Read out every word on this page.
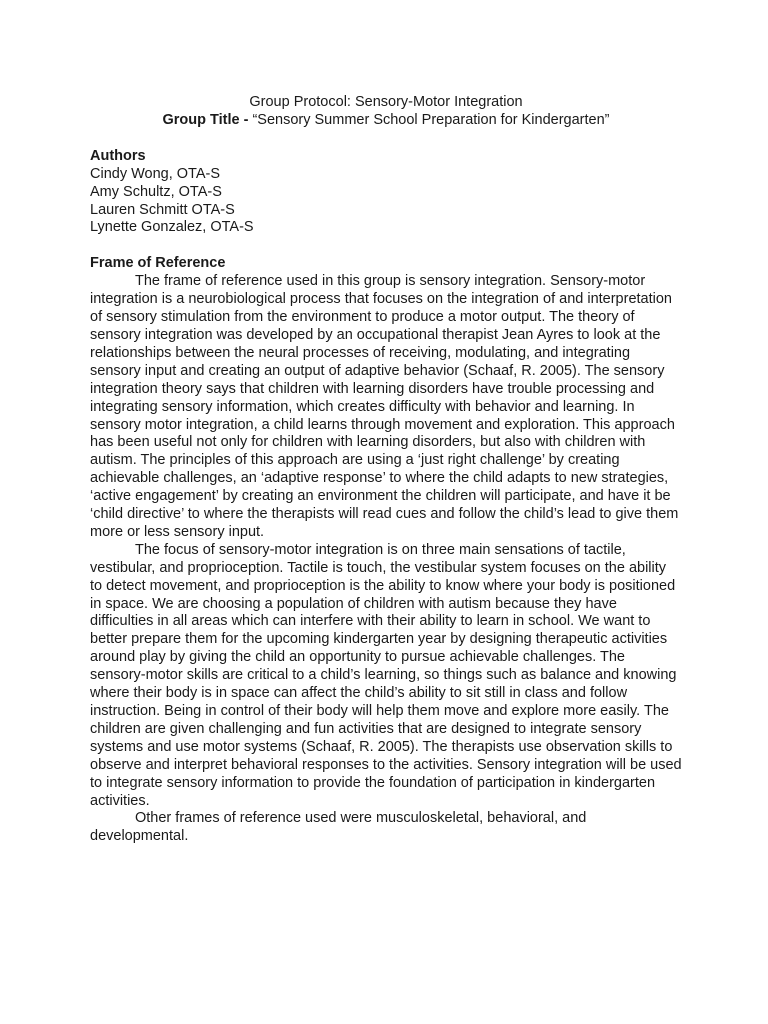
Group Protocol: Sensory-Motor Integration

Group Title - “Sensory Summer School Preparation for Kindergarten”

Authors

Cindy Wong, OTA-S

Amy Schultz, OTA-S

Lauren Schmitt OTA-S

Lynette Gonzalez, OTA-S

Frame of Reference

The frame of reference used in this group is sensory integration. Sensory-motor integration is a neurobiological process that focuses on the integration of and interpretation of sensory stimulation from the environment to produce a motor output. The theory of sensory integration was developed by an occupational therapist Jean Ayres to look at the relationships between the neural processes of receiving, modulating, and integrating sensory input and creating an output of adaptive behavior (Schaaf, R. 2005). The sensory integration theory says that children with learning disorders have trouble processing and integrating sensory information, which creates difficulty with behavior and learning. In sensory motor integration, a child learns through movement and exploration. This approach has been useful not only for children with learning disorders, but also with children with autism. The principles of this approach are using a ‘just right challenge’ by creating achievable challenges, an ‘adaptive response’ to where the child adapts to new strategies, ‘active engagement’ by creating an environment the children will participate, and have it be ‘child directive’ to where the therapists will read cues and follow the child’s lead to give them more or less sensory input.

The focus of sensory-motor integration is on three main sensations of tactile, vestibular, and proprioception. Tactile is touch, the vestibular system focuses on the ability to detect movement, and proprioception is the ability to know where your body is positioned in space. We are choosing a population of children with autism because they have difficulties in all areas which can interfere with their ability to learn in school. We want to better prepare them for the upcoming kindergarten year by designing therapeutic activities around play by giving the child an opportunity to pursue achievable challenges. The sensory-motor skills are critical to a child’s learning, so things such as balance and knowing where their body is in space can affect the child’s ability to sit still in class and follow instruction. Being in control of their body will help them move and explore more easily. The children are given challenging and fun activities that are designed to integrate sensory systems and use motor systems (Schaaf, R. 2005). The therapists use observation skills to observe and interpret behavioral responses to the activities. Sensory integration will be used to integrate sensory information to provide the foundation of participation in kindergarten activities.

Other frames of reference used were musculoskeletal, behavioral, and developmental.
